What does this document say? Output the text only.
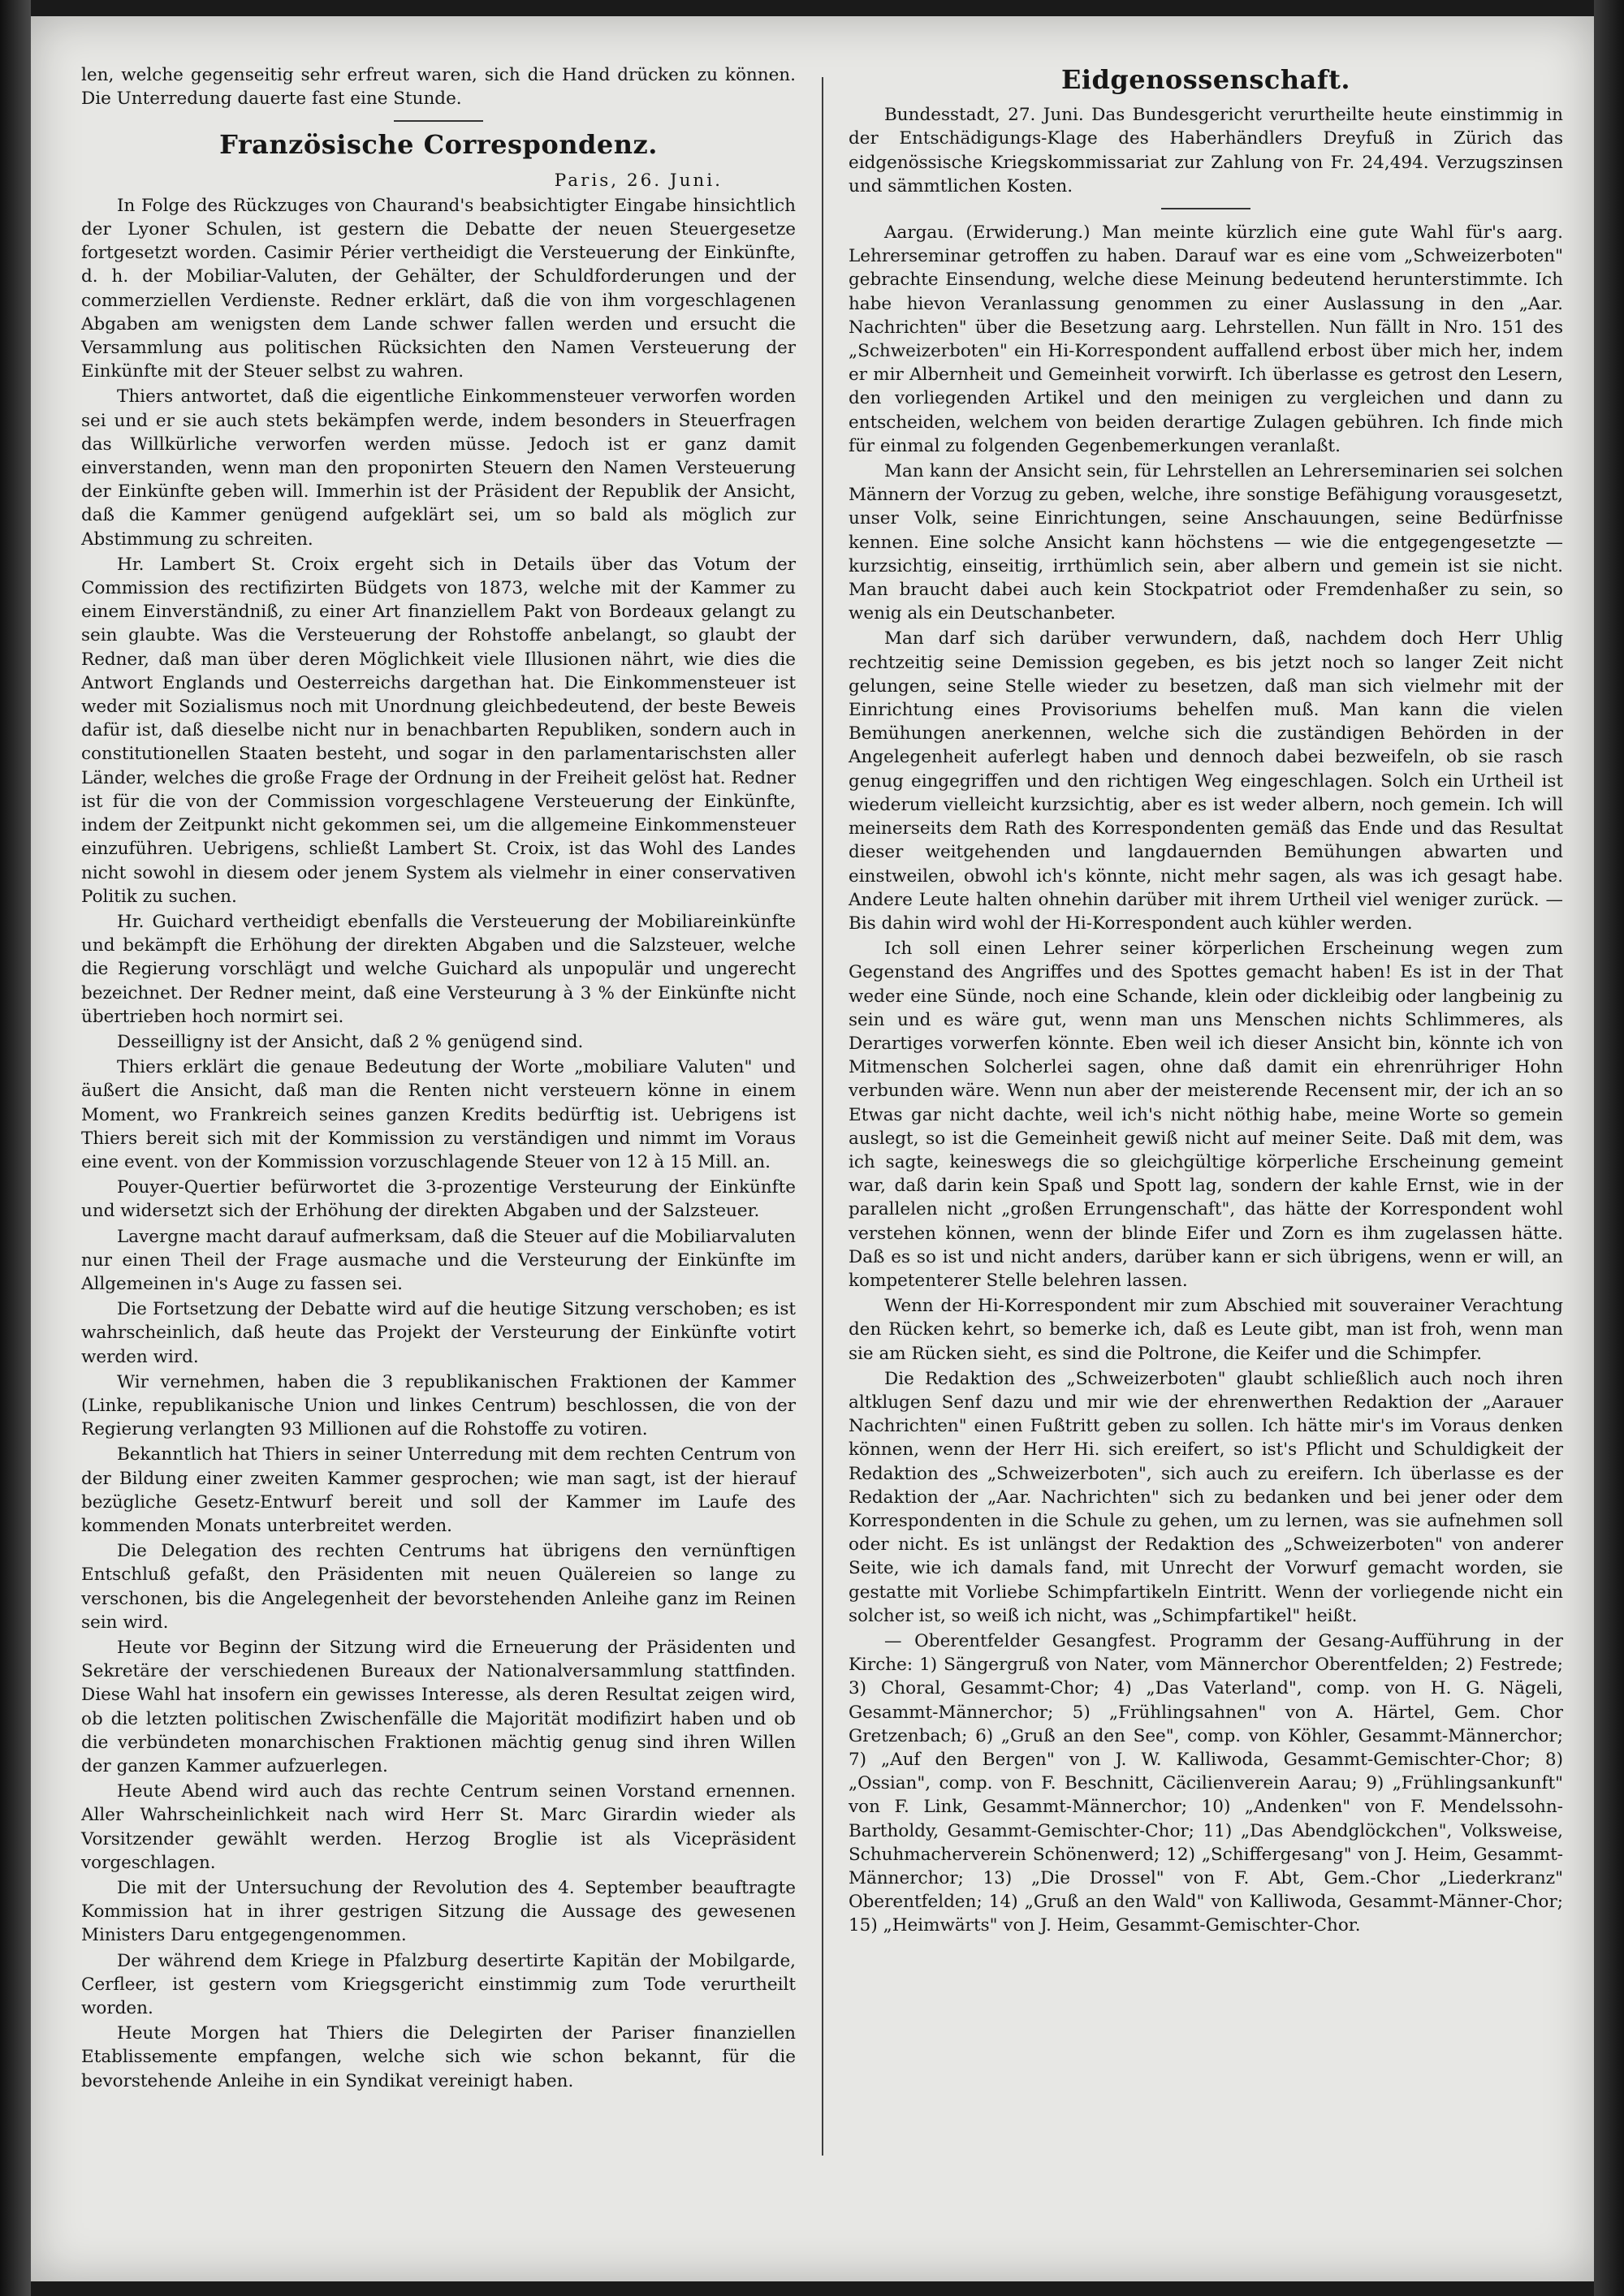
len, welche gegenseitig sehr erfreut waren, sich die Hand drücken zu können. Die Unterredung dauerte fast eine Stunde.

Französische Correspondenz.
Paris, 26. Juni.

In Folge des Rückzuges von Chaurand's beabsichtigter Eingabe hinsichtlich der Lyoner Schulen, ist gestern die Debatte der neuen Steuergesetze fortgesetzt worden. Casimir Périer vertheidigt die Versteuerung der Einkünfte, d. h. der Mobiliar-Valuten, der Gehälter, der Schuldforderungen und der commerziellen Verdienste. Redner erklärt, daß die von ihm vorgeschlagenen Abgaben am wenigsten dem Lande schwer fallen werden und ersucht die Versammlung aus politischen Rücksichten den Namen Versteuerung der Einkünfte mit der Steuer selbst zu wahren.

Thiers antwortet, daß die eigentliche Einkommensteuer verworfen worden sei und er sie auch stets bekämpfen werde, indem besonders in Steuerfragen das Willkürliche verworfen werden müsse. Jedoch ist er ganz damit einverstanden, wenn man den proponirten Steuern den Namen Versteuerung der Einkünfte geben will. Immerhin ist der Präsident der Republik der Ansicht, daß die Kammer genügend aufgeklärt sei, um so bald als möglich zur Abstimmung zu schreiten.

Hr. Lambert St. Croix ergeht sich in Details über das Votum der Commission des rectifizirten Büdgets von 1873, welche mit der Kammer zu einem Einverständniß, zu einer Art finanziellem Pakt von Bordeaux gelangt zu sein glaubte. Was die Versteuerung der Rohstoffe anbelangt, so glaubt der Redner, daß man über deren Möglichkeit viele Illusionen nährt, wie dies die Antwort Englands und Oesterreichs dargethan hat. Die Einkommensteuer ist weder mit Sozialismus noch mit Unordnung gleichbedeutend, der beste Beweis dafür ist, daß dieselbe nicht nur in benachbarten Republiken, sondern auch in constitutionellen Staaten besteht, und sogar in den parlamentarischsten aller Länder, welches die große Frage der Ordnung in der Freiheit gelöst hat. Redner ist für die von der Commission vorgeschlagene Versteuerung der Einkünfte, indem der Zeitpunkt nicht gekommen sei, um die allgemeine Einkommensteuer einzuführen. Uebrigens, schließt Lambert St. Croix, ist das Wohl des Landes nicht sowohl in diesem oder jenem System als vielmehr in einer conservativen Politik zu suchen.

Hr. Guichard vertheidigt ebenfalls die Versteuerung der Mobiliareinkünfte und bekämpft die Erhöhung der direkten Abgaben und die Salzsteuer, welche die Regierung vorschlägt und welche Guichard als unpopulär und ungerecht bezeichnet. Der Redner meint, daß eine Versteurung à 3 % der Einkünfte nicht übertrieben hoch normirt sei.

Desseilligny ist der Ansicht, daß 2 % genügend sind.

Thiers erklärt die genaue Bedeutung der Worte „mobiliare Valuten" und äußert die Ansicht, daß man die Renten nicht versteuern könne in einem Moment, wo Frankreich seines ganzen Kredits bedürftig ist. Uebrigens ist Thiers bereit sich mit der Kommission zu verständigen und nimmt im Voraus eine event. von der Kommission vorzuschlagende Steuer von 12 à 15 Mill. an.

Pouyer-Quertier befürwortet die 3-prozentige Versteurung der Einkünfte und widersetzt sich der Erhöhung der direkten Abgaben und der Salzsteuer.

Lavergne macht darauf aufmerksam, daß die Steuer auf die Mobiliarvaluten nur einen Theil der Frage ausmache und die Versteurung der Einkünfte im Allgemeinen in's Auge zu fassen sei.

Die Fortsetzung der Debatte wird auf die heutige Sitzung verschoben; es ist wahrscheinlich, daß heute das Projekt der Versteurung der Einkünfte votirt werden wird.

Wir vernehmen, haben die 3 republikanischen Fraktionen der Kammer (Linke, republikanische Union und linkes Centrum) beschlossen, die von der Regierung verlangten 93 Millionen auf die Rohstoffe zu votiren.

Bekanntlich hat Thiers in seiner Unterredung mit dem rechten Centrum von der Bildung einer zweiten Kammer gesprochen; wie man sagt, ist der hierauf bezügliche Gesetz-Entwurf bereit und soll der Kammer im Laufe des kommenden Monats unterbreitet werden.

Die Delegation des rechten Centrums hat übrigens den vernünftigen Entschluß gefaßt, den Präsidenten mit neuen Quälereien so lange zu verschonen, bis die Angelegenheit der bevorstehenden Anleihe ganz im Reinen sein wird.

Heute vor Beginn der Sitzung wird die Erneuerung der Präsidenten und Sekretäre der verschiedenen Bureaux der Nationalversammlung stattfinden. Diese Wahl hat insofern ein gewisses Interesse, als deren Resultat zeigen wird, ob die letzten politischen Zwischenfälle die Majorität modifizirt haben und ob die verbündeten monarchischen Fraktionen mächtig genug sind ihren Willen der ganzen Kammer aufzuerlegen.

Heute Abend wird auch das rechte Centrum seinen Vorstand ernennen. Aller Wahrscheinlichkeit nach wird Herr St. Marc Girardin wieder als Vorsitzender gewählt werden. Herzog Broglie ist als Vicepräsident vorgeschlagen.

Die mit der Untersuchung der Revolution des 4. September beauftragte Kommission hat in ihrer gestrigen Sitzung die Aussage des gewesenen Ministers Daru entgegengenommen.

Der während dem Kriege in Pfalzburg desertirte Kapitän der Mobilgarde, Cerfleer, ist gestern vom Kriegsgericht einstimmig zum Tode verurtheilt worden.

Heute Morgen hat Thiers die Delegirten der Pariser finanziellen Etablissemente empfangen, welche sich wie schon bekannt, für die bevorstehende Anleihe in ein Syndikat vereinigt haben.

Eidgenossenschaft.

Bundesstadt, 27. Juni. Das Bundesgericht verurtheilte heute einstimmig in der Entschädigungs-Klage des Haberhändlers Dreyfuß in Zürich das eidgenössische Kriegskommissariat zur Zahlung von Fr. 24,494. Verzugszinsen und sämmtlichen Kosten.

Aargau. (Erwiderung.) Man meinte kürzlich eine gute Wahl für's aarg. Lehrerseminar getroffen zu haben. Darauf war es eine vom „Schweizerboten" gebrachte Einsendung, welche diese Meinung bedeutend herunterstimmte. Ich habe hievon Veranlassung genommen zu einer Auslassung in den „Aar. Nachrichten" über die Besetzung aarg. Lehrstellen. Nun fällt in Nro. 151 des „Schweizerboten" ein Hi-Korrespondent auffallend erbost über mich her, indem er mir Albernheit und Gemeinheit vorwirft. Ich überlasse es getrost den Lesern, den vorliegenden Artikel und den meinigen zu vergleichen und dann zu entscheiden, welchem von beiden derartige Zulagen gebühren. Ich finde mich für einmal zu folgenden Gegenbemerkungen veranlaßt.

Man kann der Ansicht sein, für Lehrstellen an Lehrerseminarien sei solchen Männern der Vorzug zu geben, welche, ihre sonstige Befähigung vorausgesetzt, unser Volk, seine Einrichtungen, seine Anschauungen, seine Bedürfnisse kennen. Eine solche Ansicht kann höchstens — wie die entgegengesetzte — kurzsichtig, einseitig, irrthümlich sein, aber albern und gemein ist sie nicht. Man braucht dabei auch kein Stockpatriot oder Fremdenhaßer zu sein, so wenig als ein Deutschanbeter.

Man darf sich darüber verwundern, daß, nachdem doch Herr Uhlig rechtzeitig seine Demission gegeben, es bis jetzt noch so langer Zeit nicht gelungen, seine Stelle wieder zu besetzen, daß man sich vielmehr mit der Einrichtung eines Provisoriums behelfen muß. Man kann die vielen Bemühungen anerkennen, welche sich die zuständigen Behörden in der Angelegenheit auferlegt haben und dennoch dabei bezweifeln, ob sie rasch genug eingegriffen und den richtigen Weg eingeschlagen. Solch ein Urtheil ist wiederum vielleicht kurzsichtig, aber es ist weder albern, noch gemein. Ich will meinerseits dem Rath des Korrespondenten gemäß das Ende und das Resultat dieser weitgehenden und langdauernden Bemühungen abwarten und einstweilen, obwohl ich's könnte, nicht mehr sagen, als was ich gesagt habe. Andere Leute halten ohnehin darüber mit ihrem Urtheil viel weniger zurück. — Bis dahin wird wohl der Hi-Korrespondent auch kühler werden.

Ich soll einen Lehrer seiner körperlichen Erscheinung wegen zum Gegenstand des Angriffes und des Spottes gemacht haben! Es ist in der That weder eine Sünde, noch eine Schande, klein oder dickleibig oder langbeinig zu sein und es wäre gut, wenn man uns Menschen nichts Schlimmeres, als Derartiges vorwerfen könnte. Eben weil ich dieser Ansicht bin, könnte ich von Mitmenschen Solcherlei sagen, ohne daß damit ein ehrenrühriger Hohn verbunden wäre. Wenn nun aber der meisterende Recensent mir, der ich an so Etwas gar nicht dachte, weil ich's nicht nöthig habe, meine Worte so gemein auslegt, so ist die Gemeinheit gewiß nicht auf meiner Seite. Daß mit dem, was ich sagte, keineswegs die so gleichgültige körperliche Erscheinung gemeint war, daß darin kein Spaß und Spott lag, sondern der kahle Ernst, wie in der parallelen nicht „großen Errungenschaft", das hätte der Korrespondent wohl verstehen können, wenn der blinde Eifer und Zorn es ihm zugelassen hätte. Daß es so ist und nicht anders, darüber kann er sich übrigens, wenn er will, an kompetenterer Stelle belehren lassen.

Wenn der Hi-Korrespondent mir zum Abschied mit souverainer Verachtung den Rücken kehrt, so bemerke ich, daß es Leute gibt, man ist froh, wenn man sie am Rücken sieht, es sind die Poltrone, die Keifer und die Schimpfer.

Die Redaktion des „Schweizerboten" glaubt schließlich auch noch ihren altklugen Senf dazu und mir wie der ehrenwerthen Redaktion der „Aarauer Nachrichten" einen Fußtritt geben zu sollen. Ich hätte mir's im Voraus denken können, wenn der Herr Hi. sich ereifert, so ist's Pflicht und Schuldigkeit der Redaktion des „Schweizerboten", sich auch zu ereifern. Ich überlasse es der Redaktion der „Aar. Nachrichten" sich zu bedanken und bei jener oder dem Korrespondenten in die Schule zu gehen, um zu lernen, was sie aufnehmen soll oder nicht. Es ist unlängst der Redaktion des „Schweizerboten" von anderer Seite, wie ich damals fand, mit Unrecht der Vorwurf gemacht worden, sie gestatte mit Vorliebe Schimpfartikeln Eintritt. Wenn der vorliegende nicht ein solcher ist, so weiß ich nicht, was „Schimpfartikel" heißt.

— Oberentfelder Gesangfest. Programm der Gesang-Aufführung in der Kirche: 1) Sängergruß von Nater, vom Männerchor Oberentfelden; 2) Festrede; 3) Choral, Gesammt-Chor; 4) „Das Vaterland", comp. von H. G. Nägeli, Gesammt-Männerchor; 5) „Frühlingsahnen" von A. Härtel, Gem. Chor Gretzenbach; 6) „Gruß an den See", comp. von Köhler, Gesammt-Männerchor; 7) „Auf den Bergen" von J. W. Kalliwoda, Gesammt-Gemischter-Chor; 8) „Ossian", comp. von F. Beschnitt, Cäcilienverein Aarau; 9) „Frühlingsankunft" von F. Link, Gesammt-Männerchor; 10) „Andenken" von F. Mendelssohn-Bartholdy, Gesammt-Gemischter-Chor; 11) „Das Abendglöckchen", Volksweise, Schuhmacherverein Schönenwerd; 12) „Schiffergesang" von J. Heim, Gesammt-Männerchor; 13) „Die Drossel" von F. Abt, Gem.-Chor „Liederkranz" Oberentfelden; 14) „Gruß an den Wald" von Kalliwoda, Gesammt-Männer-Chor; 15) „Heimwärts" von J. Heim, Gesammt-Gemischter-Chor.
